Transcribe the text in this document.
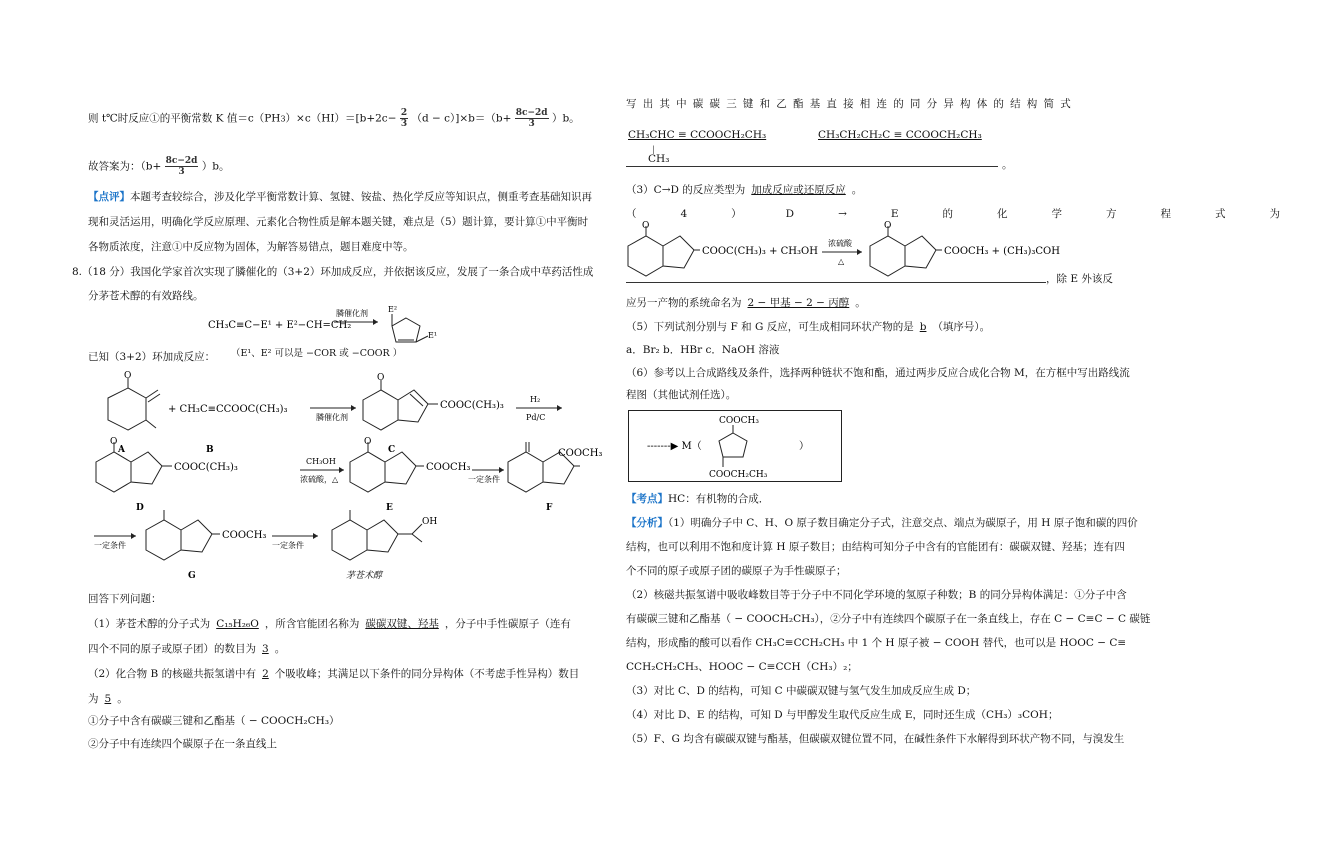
则 t℃时反应①的平衡常数 K 值$=c(PH3)\times c(HI)=[b+2c- \frac{2}{3} (d - c)]\times b=(b+ \frac{8c-2d}{3} )b$。
故答案为：$(b+ \frac{8c-2d}{3} )b$。
【点评】本题考查较综合，涉及化学平衡常数计算、氢键、铵盐、热化学反应等知识点，侧重考查基础知识再
现和灵活运用，明确化学反应原理、元素化合物性质是解本题关键，难点是（5）题计算，要计算①中平衡时
各物质浓度，注意①中反应物为固体，为解答易错点，题目难度中等。
8.（18 分）我国化学家首次实现了膦催化的（3+2）环加成反应，并依据该反应，发展了一条合成中草药活性成
分茅苍术醇的有效路线。
CH₃C≡C−E¹ + E²−CH=CH₂
膦催化剂	E²
E¹
已知（3+2）环加成反应： （E¹、E² 可以是 −COR 或 −COOR ）
O
A
+ CH₃C≡CCOOC(CH₃)₃
B
膦催化剂
O
COOC(CH₃)₃
C
H₂
Pd/C
O
COOC(CH₃)₃
D
CH₃OH
浓硫酸，△
O
COOCH₃
E
一定条件
COOCH₃
F
一定条件
COOCH₃
G
一定条件
OH
茅苍术醇
回答下列问题：
（1）茅苍术醇的分子式为 C₁₅H₂₆O ，所含官能团名称为 碳碳双键、羟基 ，分子中手性碳原子（连有
四个不同的原子或原子团）的数目为 3 。
（2）化合物 B 的核磁共振氢谱中有 2 个吸收峰；其满足以下条件的同分异构体（不考虑手性异构）数目
为 5 。
①分子中含有碳碳三键和乙酯基（ − COOCH₂CH₃）
②分子中有连续四个碳原子在一条直线上
写出其中碳碳三键和乙酯基直接相连的同分异构体的结构简式
CH₃CHC ≡ CCOOCH₂CH₃
|
CH₃
CH₃CH₂CH₂C ≡ CCOOCH₂CH₃
。
（3）C→D 的反应类型为 加成反应或还原反应 。
（4）D→E的化学方程式为
O
COOC(CH₃)₃ + CH₃OH
浓硫酸
△
O
COOCH₃ + (CH₃)₃COH
，除 E 外该反
应另一产物的系统命名为 2 − 甲基 − 2 − 丙醇 。
（5）下列试剂分别与 F 和 G 反应，可生成相同环状产物的是 b （填序号）。
a．Br₂ b．HBr c．NaOH 溶液
（6）参考以上合成路线及条件，选择两种链状不饱和酯，通过两步反应合成化合物 M，在方框中写出路线流
程图（其他试剂任选）。
COOCH₃
COOCH₂CH₃
-------▶ M（	）
【考点】HC：有机物的合成．
【分析】（1）明确分子中 C、H、O 原子数目确定分子式，注意交点、端点为碳原子，用 H 原子饱和碳的四价
结构，也可以利用不饱和度计算 H 原子数目；由结构可知分子中含有的官能团有：碳碳双键、羟基；连有四
个不同的原子或原子团的碳原子为手性碳原子；
（2）核磁共振氢谱中吸收峰数目等于分子中不同化学环境的氢原子种数；B 的同分异构体满足：①分子中含
有碳碳三键和乙酯基（ − COOCH₂CH₃），②分子中有连续四个碳原子在一条直线上，存在 C − C≡C − C 碳链
结构，形成酯的酸可以看作 CH₃C≡CCH₂CH₃ 中 1 个 H 原子被 − COOH 替代，也可以是 HOOC − C≡
CCH₂CH₂CH₃、HOOC − C≡CCH（CH₃）₂；
（3）对比 C、D 的结构，可知 C 中碳碳双键与氢气发生加成反应生成 D；
（4）对比 D、E 的结构，可知 D 与甲醇发生取代反应生成 E，同时还生成（CH₃）₃COH；
（5）F、G 均含有碳碳双键与酯基，但碳碳双键位置不同，在碱性条件下水解得到环状产物不同，与溴发生
